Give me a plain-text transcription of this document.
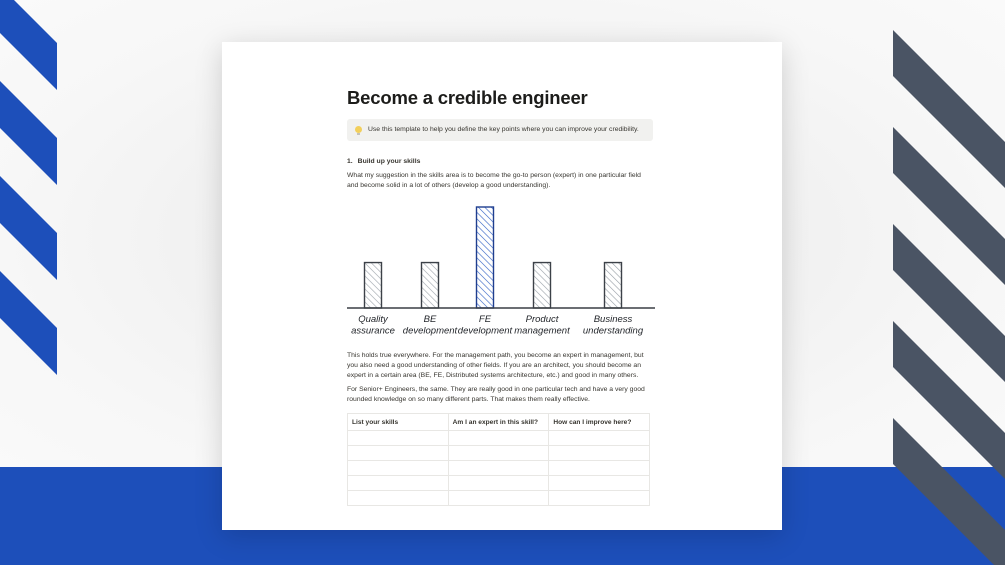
Become a credible engineer
Use this template to help you define the key points where you can improve your credibility.
1. Build up your skills
What my suggestion in the skills area is to become the go-to person (expert) in one particular field and become solid in a lot of others (develop a good understanding).
Quality assurance
BE development
FE development
Product management
Business understanding
This holds true everywhere. For the management path, you become an expert in management, but you also need a good understanding of other fields. If you are an architect, you should become an expert in a certain area (BE, FE, Distributed systems architecture, etc.) and good in many others.
For Senior+ Engineers, the same. They are really good in one particular tech and have a very good rounded knowledge on so many different parts. That makes them really effective.
List your skills	Am I an expert in this skill?	How can I improve here?
